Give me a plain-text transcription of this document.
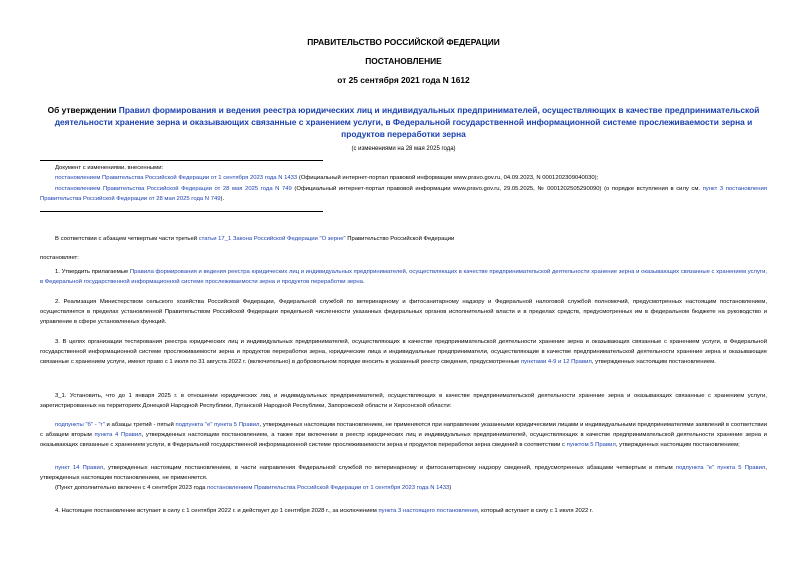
ПРАВИТЕЛЬСТВО РОССИЙСКОЙ ФЕДЕРАЦИИ
ПОСТАНОВЛЕНИЕ
от 25 сентября 2021 года N 1612
Об утверждении Правил формирования и ведения реестра юридических лиц и индивидуальных предпринимателей, осуществляющих в качестве предпринимательской деятельности хранение зерна и оказывающих связанные с хранением услуги, в Федеральной государственной информационной системе прослеживаемости зерна и продуктов переработки зерна
(с изменениями на 28 мая 2025 года)
Документ с изменениями, внесенными:
постановлением Правительства Российской Федерации от 1 сентября 2023 года N 1433 (Официальный интернет-портал правовой информации www.pravo.gov.ru, 04.09.2023, N 0001202309040030);
постановлением Правительства Российской Федерации от 28 мая 2025 года N 749 (Официальный интернет-портал правовой информации www.pravo.gov.ru, 29.05.2025, № 0001202505290090) (о порядке вступления в силу см. пункт 3 постановления Правительства Российской Федерации от 28 мая 2025 года N 749).
В соответствии с абзацем четвертым части третьей статьи 17_1 Закона Российской Федерации "О зерне" Правительство Российской Федерации
постановляет:
1. Утвердить прилагаемые Правила формирования и ведения реестра юридических лиц и индивидуальных предпринимателей, осуществляющих в качестве предпринимательской деятельности хранение зерна и оказывающих связанные с хранением услуги, в Федеральной государственной информационной системе прослеживаемости зерна и продуктов переработки зерна.
2. Реализация Министерством сельского хозяйства Российской Федерации, Федеральной службой по ветеринарному и фитосанитарному надзору и Федеральной налоговой службой полномочий, предусмотренных настоящим постановлением, осуществляется в пределах установленной Правительством Российской Федерации предельной численности указанных федеральных органов исполнительной власти и в пределах средств, предусмотренных им в федеральном бюджете на руководство и управление в сфере установленных функций.
3. В целях организации тестирования реестра юридических лиц и индивидуальных предпринимателей, осуществляющих в качестве предпринимательской деятельности хранение зерна и оказывающих связанные с хранением услуги, в Федеральной государственной информационной системе прослеживаемости зерна и продуктов переработки зерна, юридические лица и индивидуальные предприниматели, осуществляющие в качестве предпринимательской деятельности хранение зерна и оказывающие связанные с хранением услуги, имеют право с 1 июля по 31 августа 2022 г. (включительно) в добровольном порядке вносить в указанный реестр сведения, предусмотренные пунктами 4-9 и 12 Правил, утвержденных настоящим постановлением.
3_1. Установить, что до 1 января 2025 г. в отношении юридических лиц и индивидуальных предпринимателей, осуществляющих в качестве предпринимательской деятельности хранение зерна и оказывающих связанные с хранением услуги, зарегистрированных на территориях Донецкой Народной Республики, Луганской Народной Республики, Запорожской области и Херсонской области:
подпункты "б" - "г" и абзацы третий - пятый подпункта "е" пункта 5 Правил, утвержденных настоящим постановлением, не применяются при направлении указанными юридическими лицами и индивидуальными предпринимателями заявлений в соответствии с абзацем вторым пункта 4 Правил, утвержденных настоящим постановлением, а также при включении в реестр юридических лиц и индивидуальных предпринимателей, осуществляющих в качестве предпринимательской деятельности хранение зерна и оказывающих связанные с хранением услуги, в Федеральной государственной информационной системе прослеживаемости зерна и продуктов переработки зерна сведений в соответствии с пунктом 5 Правил, утвержденных настоящим постановлением;
пункт 14 Правил, утвержденных настоящим постановлением, в части направления Федеральной службой по ветеринарному и фитосанитарному надзору сведений, предусмотренных абзацами четвертым и пятым подпункта "е" пункта 5 Правил, утвержденных настоящим постановлением, не применяется.
(Пункт дополнительно включен с 4 сентября 2023 года постановлением Правительства Российской Федерации от 1 сентября 2023 года N 1433)
4. Настоящее постановление вступает в силу с 1 сентября 2022 г. и действует до 1 сентября 2028 г., за исключением пункта 3 настоящего постановления, который вступает в силу с 1 июля 2022 г.
